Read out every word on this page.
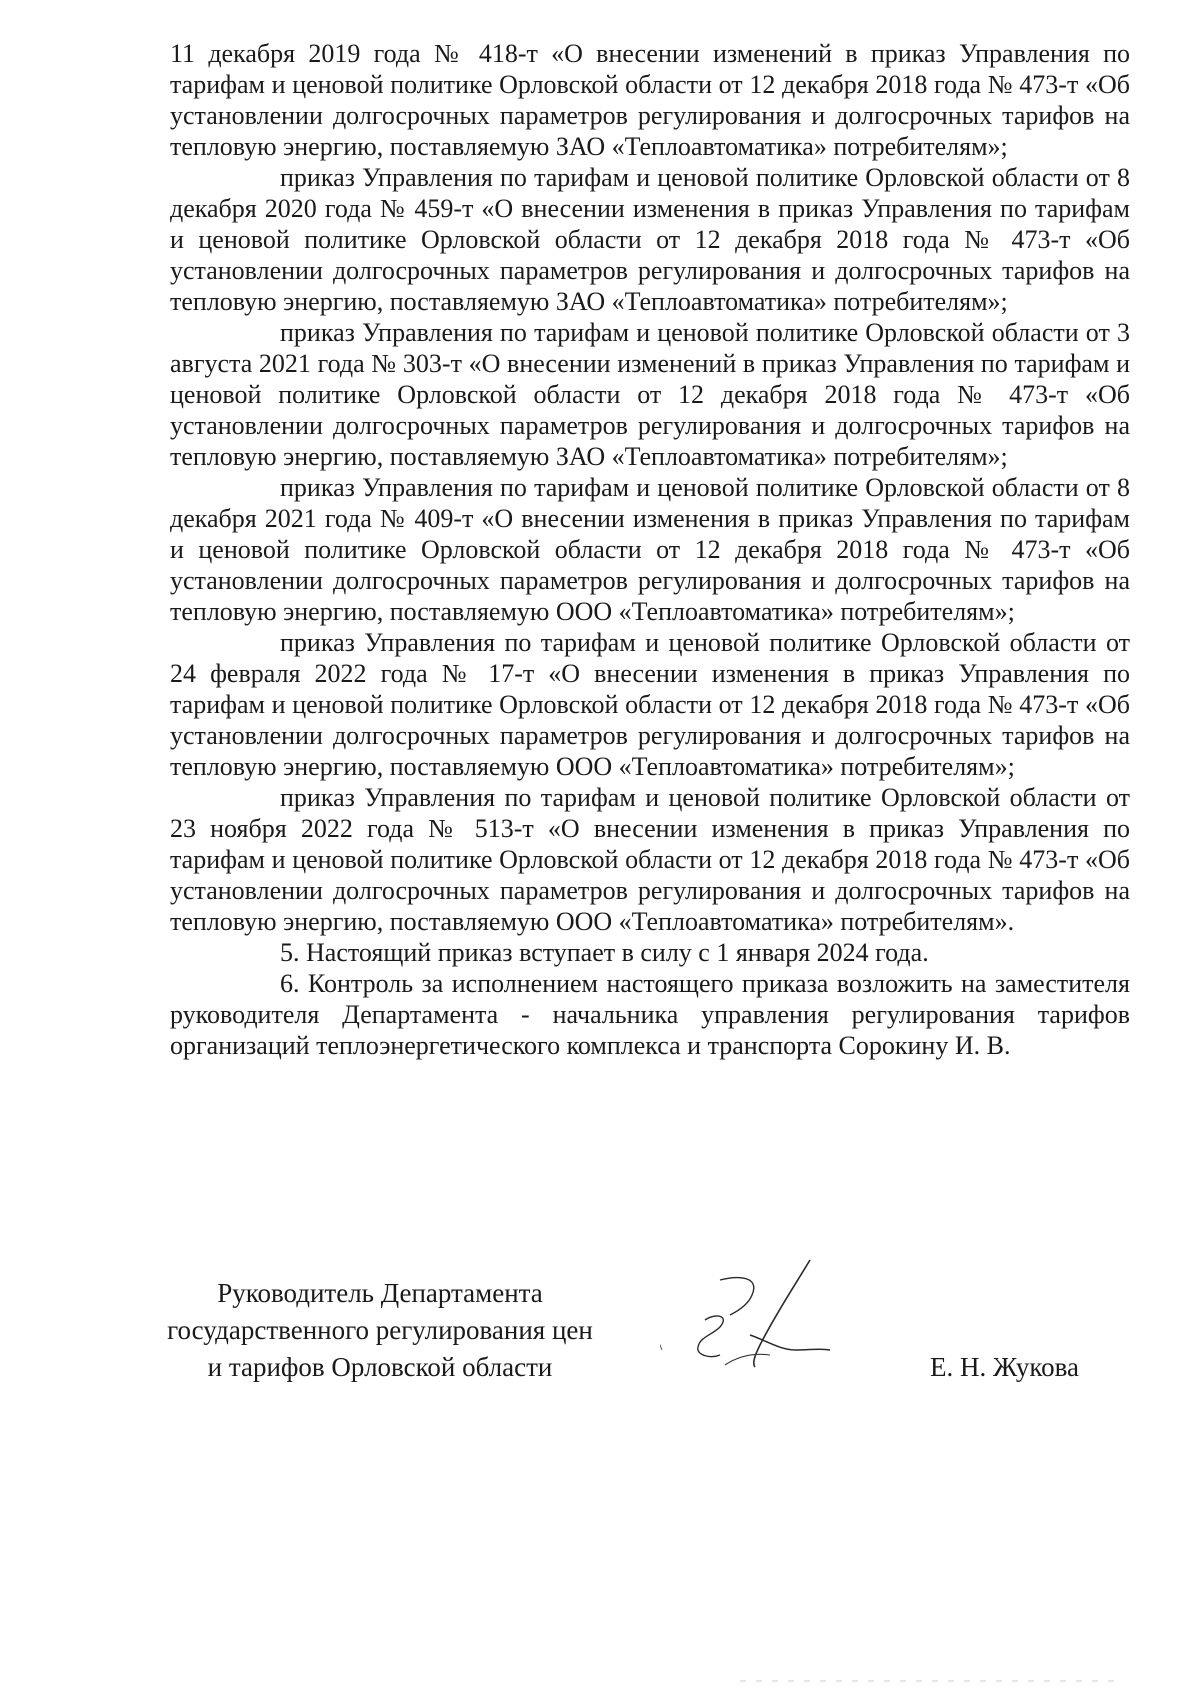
11 декабря 2019 года № 418-т «О внесении изменений в приказ Управления по тарифам и ценовой политике Орловской области от 12 декабря 2018 года № 473-т «Об установлении долгосрочных параметров регулирования и долгосрочных тарифов на тепловую энергию, поставляемую ЗАО «Теплоавтоматика» потребителям»;

приказ Управления по тарифам и ценовой политике Орловской области от 8 декабря 2020 года № 459-т «О внесении изменения в приказ Управления по тарифам и ценовой политике Орловской области от 12 декабря 2018 года № 473-т «Об установлении долгосрочных параметров регулирования и долгосрочных тарифов на тепловую энергию, поставляемую ЗАО «Теплоавтоматика» потребителям»;

приказ Управления по тарифам и ценовой политике Орловской области от 3 августа 2021 года № 303-т «О внесении изменений в приказ Управления по тарифам и ценовой политике Орловской области от 12 декабря 2018 года № 473-т «Об установлении долгосрочных параметров регулирования и долгосрочных тарифов на тепловую энергию, поставляемую ЗАО «Теплоавтоматика» потребителям»;

приказ Управления по тарифам и ценовой политике Орловской области от 8 декабря 2021 года № 409-т «О внесении изменения в приказ Управления по тарифам и ценовой политике Орловской области от 12 декабря 2018 года № 473-т «Об установлении долгосрочных параметров регулирования и долгосрочных тарифов на тепловую энергию, поставляемую ООО «Теплоавтоматика» потребителям»;

приказ Управления по тарифам и ценовой политике Орловской области от 24 февраля 2022 года № 17-т «О внесении изменения в приказ Управления по тарифам и ценовой политике Орловской области от 12 декабря 2018 года № 473-т «Об установлении долгосрочных параметров регулирования и долгосрочных тарифов на тепловую энергию, поставляемую ООО «Теплоавтоматика» потребителям»;

приказ Управления по тарифам и ценовой политике Орловской области от 23 ноября 2022 года № 513-т «О внесении изменения в приказ Управления по тарифам и ценовой политике Орловской области от 12 декабря 2018 года № 473-т «Об установлении долгосрочных параметров регулирования и долгосрочных тарифов на тепловую энергию, поставляемую ООО «Теплоавтоматика» потребителям».

5. Настоящий приказ вступает в силу с 1 января 2024 года.

6. Контроль за исполнением настоящего приказа возложить на заместителя руководителя Департамента - начальника управления регулирования тарифов организаций теплоэнергетического комплекса и транспорта Сорокину И. В.

Руководитель Департамента
государственного регулирования цен
и тарифов Орловской области	Е. Н. Жукова
